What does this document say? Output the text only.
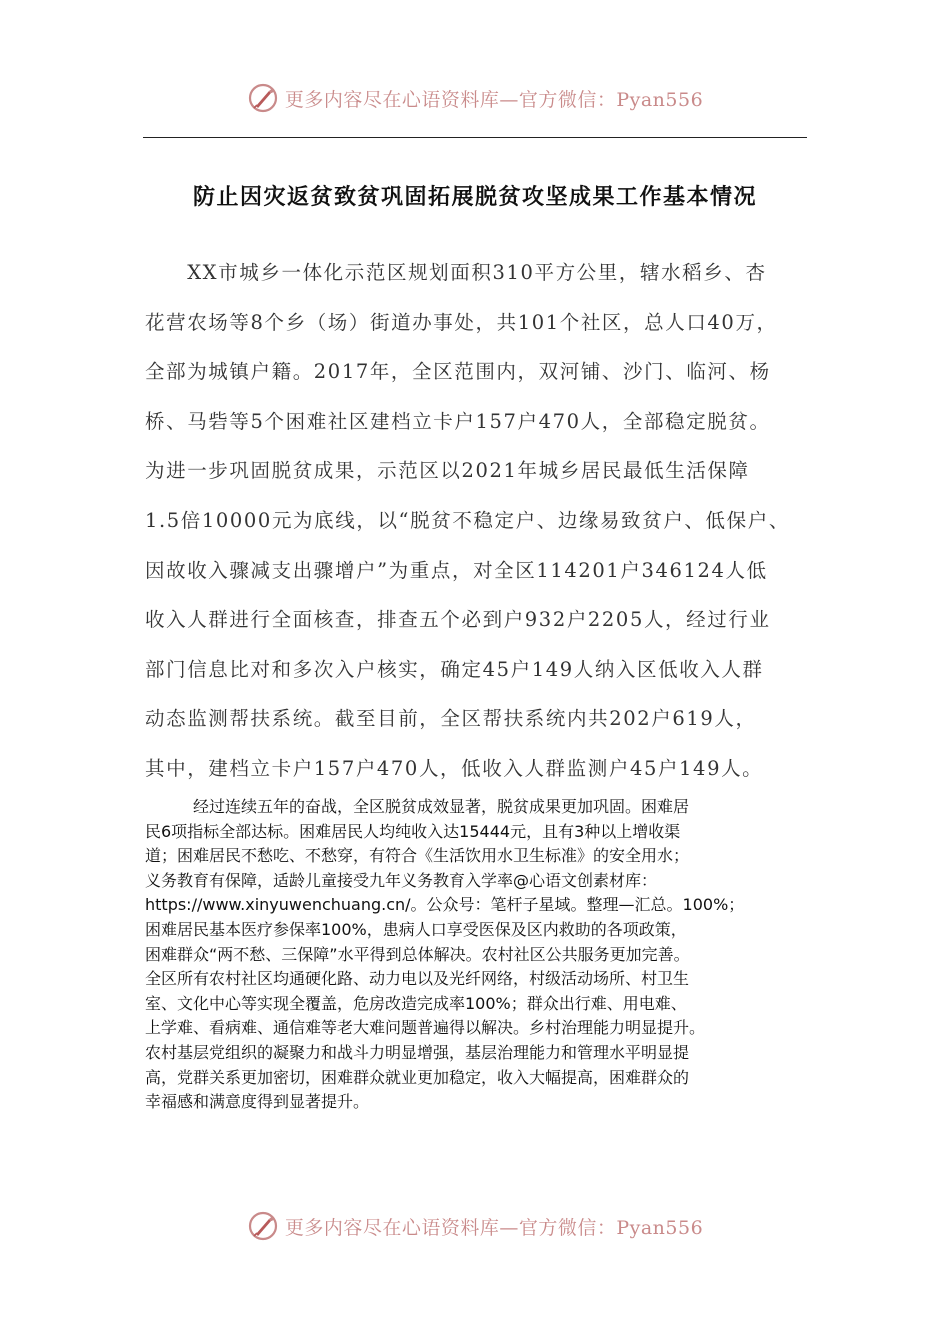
更多内容尽在心语资料库—官方微信：Pyan556
防止因灾返贫致贫巩固拓展脱贫攻坚成果工作基本情况

　　XX市城乡一体化示范区规划面积310平方公里，辖水稻乡、杏
花营农场等8个乡（场）街道办事处，共101个社区，总人口40万，
全部为城镇户籍。2017年，全区范围内，双河铺、沙门、临河、杨
桥、马砦等5个困难社区建档立卡户157户470人，全部稳定脱贫。
为进一步巩固脱贫成果，示范区以2021年城乡居民最低生活保障
1.5倍10000元为底线，以“脱贫不稳定户、边缘易致贫户、低保户、
因故收入骤减支出骤增户”为重点，对全区114201户346124人低
收入人群进行全面核查，排查五个必到户932户2205人，经过行业
部门信息比对和多次入户核实，确定45户149人纳入区低收入人群
动态监测帮扶系统。截至目前，全区帮扶系统内共202户619人，
其中，建档立卡户157户470人，低收入人群监测户45户149人。

　　　经过连续五年的奋战，全区脱贫成效显著，脱贫成果更加巩固。困难居
民6项指标全部达标。困难居民人均纯收入达15444元，且有3种以上增收渠
道；困难居民不愁吃、不愁穿，有符合《生活饮用水卫生标准》的安全用水；
义务教育有保障，适龄儿童接受九年义务教育入学率@心语文创素材库：
https://www.xinyuwenchuang.cn/。公众号：笔杆子星域。整理—汇总。100%；
困难居民基本医疗参保率100%，患病人口享受医保及区内救助的各项政策，
困难群众“两不愁、三保障”水平得到总体解决。农村社区公共服务更加完善。
全区所有农村社区均通硬化路、动力电以及光纤网络，村级活动场所、村卫生
室、文化中心等实现全覆盖，危房改造完成率100%；群众出行难、用电难、
上学难、看病难、通信难等老大难问题普遍得以解决。乡村治理能力明显提升。
农村基层党组织的凝聚力和战斗力明显增强，基层治理能力和管理水平明显提
高，党群关系更加密切，困难群众就业更加稳定，收入大幅提高，困难群众的
幸福感和满意度得到显著提升。

更多内容尽在心语资料库—官方微信：Pyan556
